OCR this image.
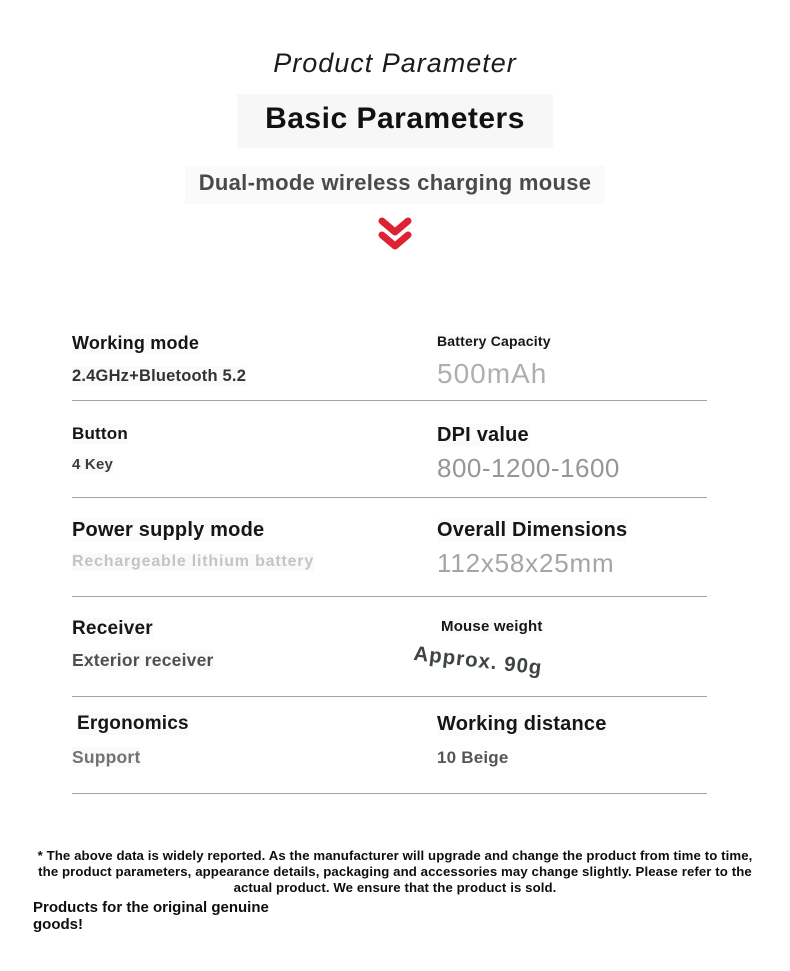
Product Parameter
Basic Parameters
Dual-mode wireless charging mouse
Working mode
2.4GHz+Bluetooth 5.2
Battery Capacity
500mAh
Button
4 Key
DPI value
800-1200-1600
Power supply mode
Rechargeable lithium battery
Overall Dimensions
112x58x25mm
Receiver
Exterior receiver
Mouse weight
Approx. 90g
Ergonomics
Support
Working distance
10 Beige
* The above data is widely reported. As the manufacturer will upgrade and change the product from time to time,
the product parameters, appearance details, packaging and accessories may change slightly. Please refer to the
actual product. We ensure that the product is sold.
Products for the original genuine goods!
